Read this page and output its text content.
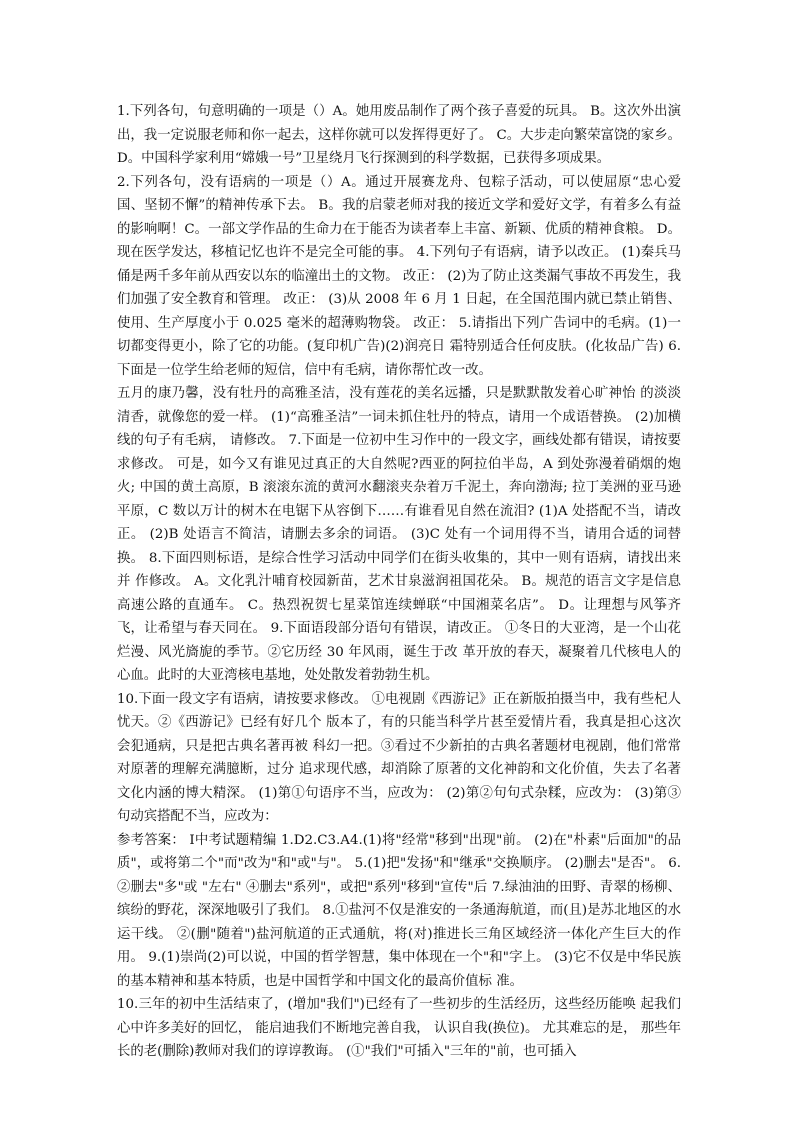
1.下列各句，句意明确的一项是（）A。她用废品制作了两个孩子喜爱的玩具。 B。这次外出演出，我一定说服老师和你一起去，这样你就可以发挥得更好了。 C。大步走向繁荣富饶的家乡。 D。中国科学家利用“嫦娥一号”卫星绕月飞行探测到的科学数据，已获得多项成果。

2.下列各句，没有语病的一项是（）A。通过开展赛龙舟、包粽子活动，可以使屈原“忠心爱国、坚韧不懈”的精神传承下去。 B。我的启蒙老师对我的接近文学和爱好文学，有着多么有益的影响啊！C。一部文学作品的生命力在于能否为读者奉上丰富、新颖、优质的精神食粮。 D。现在医学发达，移植记忆也许不是完全可能的事。 4.下列句子有语病，请予以改正。 (1)秦兵马俑是两千多年前从西安以东的临潼出土的文物。 改正： (2)为了防止这类漏气事故不再发生，我们加强了安全教育和管理。 改正： (3)从 2008 年 6 月 1 日起，在全国范围内就已禁止销售、使用、生产厚度小于 0.025 毫米的超薄购物袋。 改正： 5.请指出下列广告词中的毛病。(1)一切都变得更小，除了它的功能。(复印机广告)(2)润亮日 霜特别适合任何皮肤。(化妆品广告) 6.下面是一位学生给老师的短信，信中有毛病，请你帮忙改一改。

五月的康乃馨，没有牡丹的高雅圣洁，没有莲花的美名远播，只是默默散发着心旷神怡 的淡淡清香，就像您的爱一样。 (1)“高雅圣洁”一词未抓住牡丹的特点，请用一个成语替换。 (2)加横线的句子有毛病， 请修改。 7.下面是一位初中生习作中的一段文字，画线处都有错误，请按要求修改。 可是，如今又有谁见过真正的大自然呢?西亚的阿拉伯半岛，A 到处弥漫着硝烟的炮火; 中国的黄土高原，B 滚滚东流的黄河水翻滚夹杂着万千泥土，奔向渤海; 拉丁美洲的亚马逊 平原，C 数以万计的树木在电锯下从容倒下……有谁看见自然在流泪? (1)A 处搭配不当，请改正。 (2)B 处语言不简洁，请删去多余的词语。 (3)C 处有一个词用得不当，请用合适的词替换。 8.下面四则标语，是综合性学习活动中同学们在街头收集的，其中一则有语病，请找出来并 作修改。 A。文化乳汁哺育校园新苗，艺术甘泉滋润祖国花朵。 B。规范的语言文字是信息高速公路的直通车。 C。热烈祝贺七星菜馆连续蝉联“中国湘菜名店”。 D。让理想与风筝齐飞，让希望与春天同在。 9.下面语段部分语句有错误，请改正。 ①冬日的大亚湾，是一个山花烂漫、风光旖旎的季节。②它历经 30 年风雨，诞生于改 革开放的春天，凝聚着几代核电人的心血。此时的大亚湾核电基地，处处散发着勃勃生机。

10.下面一段文字有语病，请按要求修改。 ①电视剧《西游记》正在新版拍摄当中，我有些杞人忧天。②《西游记》已经有好几个 版本了，有的只能当科学片甚至爱情片看，我真是担心这次会犯通病，只是把古典名著再被 科幻一把。③看过不少新拍的古典名著题材电视剧，他们常常对原著的理解充满臆断，过分 追求现代感，却消除了原著的文化神韵和文化价值，失去了名著文化内涵的博大精深。 (1)第①句语序不当，应改为： (2)第②句句式杂糅，应改为： (3)第③句动宾搭配不当，应改为：

参考答案： Ⅰ中考试题精编 1.D2.C3.A4.(1)将"经常"移到"出现"前。 (2)在"朴素"后面加"的品质"，或将第二个"而"改为"和"或"与"。 5.(1)把"发扬"和"继承"交换顺序。 (2)删去"是否"。 6.②删去"多"或 "左右" ④删去"系列"，或把"系列"移到"宣传"后 7.绿油油的田野、青翠的杨柳、缤纷的野花，深深地吸引了我们。 8.①盐河不仅是淮安的一条通海航道，而(且)是苏北地区的水运干线。 ②(删"随着")盐河航道的正式通航，将(对)推进长三角区域经济一体化产生巨大的作用。 9.(1)崇尚(2)可以说，中国的哲学智慧，集中体现在一个"和"字上。 (3)它不仅是中华民族的基本精神和基本特质，也是中国哲学和中国文化的最高价值标 准。

10.三年的初中生活结束了，(增加"我们")已经有了一些初步的生活经历，这些经历能唤 起我们心中许多美好的回忆， 能启迪我们不断地完善自我， 认识自我(换位)。 尤其难忘的是， 那些年长的老(删除)教师对我们的谆谆教诲。 (①"我们"可插入"三年的"前，也可插入
